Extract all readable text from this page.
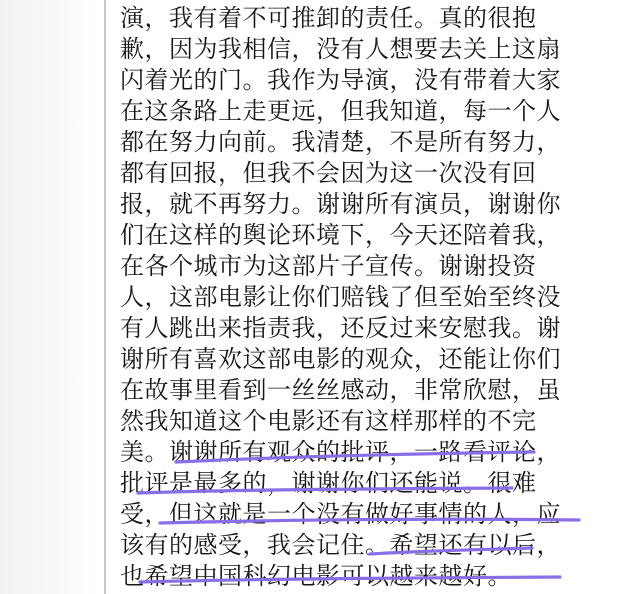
演，我有着不可推卸的责任。真的很抱
歉，因为我相信，没有人想要去关上这扇
闪着光的门。我作为导演，没有带着大家
在这条路上走更远，但我知道，每一个人
都在努力向前。我清楚，不是所有努力，
都有回报，但我不会因为这一次没有回
报，就不再努力。谢谢所有演员，谢谢你
们在这样的舆论环境下，今天还陪着我，
在各个城市为这部片子宣传。谢谢投资
人，这部电影让你们赔钱了但至始至终没
有人跳出来指责我，还反过来安慰我。谢
谢所有喜欢这部电影的观众，还能让你们
在故事里看到一丝丝感动，非常欣慰，虽
然我知道这个电影还有这样那样的不完
美。谢谢所有观众的批评，一路看评论，
批评是最多的，谢谢你们还能说。很难
受，但这就是一个没有做好事情的人，应
该有的感受，我会记住。希望还有以后，
也希望中国科幻电影可以越来越好。
